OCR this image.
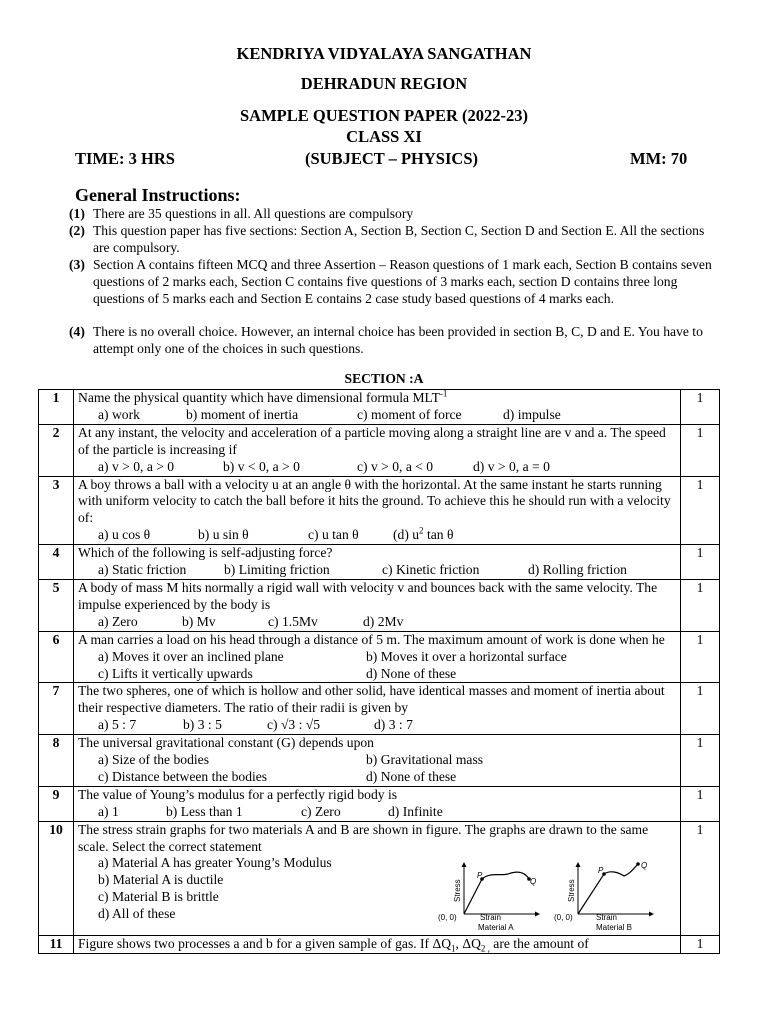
KENDRIYA VIDYALAYA SANGATHAN
DEHRADUN REGION
SAMPLE QUESTION PAPER (2022-23)
CLASS XI
TIME: 3 HRS	(SUBJECT – PHYSICS)	MM: 70
General Instructions:
(1) There are 35 questions in all. All questions are compulsory
(2) This question paper has five sections: Section A, Section B, Section C, Section D and Section E. All the sections are compulsory.
(3) Section A contains fifteen MCQ and three Assertion – Reason questions of 1 mark each, Section B contains seven questions of 2 marks each, Section C contains five questions of 3 marks each, section D contains three long questions of 5 marks each and Section E contains 2 case study based questions of 4 marks each.
(4) There is no overall choice. However, an internal choice has been provided in section B, C, D and E. You have to attempt only one of the choices in such questions.
SECTION :A
1	Name the physical quantity which have dimensional formula $MLT^{-1}$
a) work b) moment of inertia c) moment of force d) impulse	1
2	At any instant, the velocity and acceleration of a particle moving along a straight line are v and a. The speed of the particle is increasing if
a) v > 0, a > 0 b) v < 0, a > 0 c) v > 0, a < 0 d) v > 0, a = 0	1
3	A boy throws a ball with a velocity u at an angle θ with the horizontal. At the same instant he starts running with uniform velocity to catch the ball before it hits the ground. To achieve this he should run with a velocity of:
a) u cos θ b) u sin θ c) u tan θ (d) $u^2$ tan θ	1
4	Which of the following is self-adjusting force?
a) Static friction b) Limiting friction c) Kinetic friction d) Rolling friction	1
5	A body of mass M hits normally a rigid wall with velocity v and bounces back with the same velocity. The impulse experienced by the body is
a) Zero b) Mv c) 1.5Mv d) 2Mv	1
6	A man carries a load on his head through a distance of 5 m. The maximum amount of work is done when he
a) Moves it over an inclined plane b) Moves it over a horizontal surface
c) Lifts it vertically upwards d) None of these	1
7	The two spheres, one of which is hollow and other solid, have identical masses and moment of inertia about their respective diameters. The ratio of their radii is given by
a) 5 : 7 b) 3 : 5 c) √3 : √5 d) 3 : 7	1
8	The universal gravitational constant (G) depends upon
a) Size of the bodies b) Gravitational mass
c) Distance between the bodies d) None of these	1
9	The value of Young’s modulus for a perfectly rigid body is
a) 1 b) Less than 1 c) Zero d) Infinite	1
10	The stress strain graphs for two materials A and B are shown in figure. The graphs are drawn to the same scale. Select the correct statement
a) Material A has greater Young’s Modulus
b) Material A is ductile
c) Material B is brittle
d) All of these	1
11	Figure shows two processes a and b for a given sample of gas. If $\Delta Q_1$, $\Delta Q_{2 ,}$ are the amount of	1
P
Q
Stress
(0, 0)	Strain
Material A
P
Q
Stress
(0, 0)	Strain
Material B
